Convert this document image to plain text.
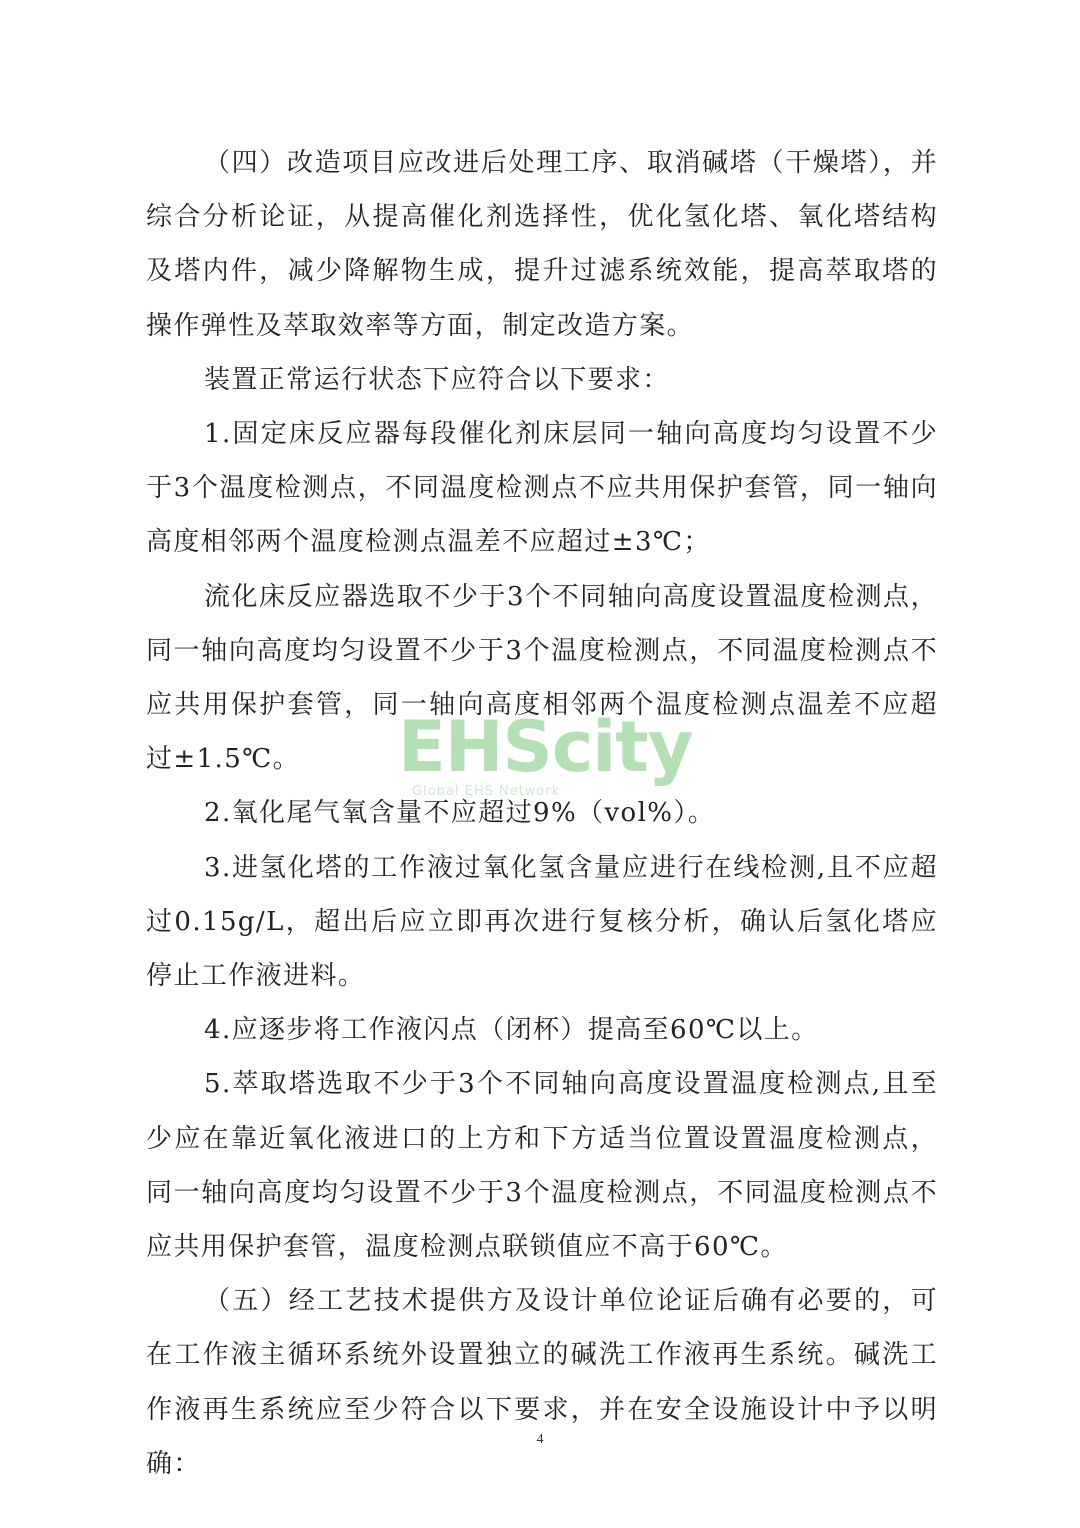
（四）改造项目应改进后处理工序、取消碱塔（干燥塔），并综合分析论证，从提高催化剂选择性，优化氢化塔、氧化塔结构及塔内件，减少降解物生成，提升过滤系统效能，提高萃取塔的操作弹性及萃取效率等方面，制定改造方案。

装置正常运行状态下应符合以下要求：

1.固定床反应器每段催化剂床层同一轴向高度均匀设置不少于3个温度检测点，不同温度检测点不应共用保护套管，同一轴向高度相邻两个温度检测点温差不应超过±3℃；

流化床反应器选取不少于3个不同轴向高度设置温度检测点，同一轴向高度均匀设置不少于3个温度检测点，不同温度检测点不应共用保护套管，同一轴向高度相邻两个温度检测点温差不应超过±1.5℃。

2.氧化尾气氧含量不应超过9%（vol%）。

3.进氢化塔的工作液过氧化氢含量应进行在线检测,且不应超过0.15g/L，超出后应立即再次进行复核分析，确认后氢化塔应停止工作液进料。

4.应逐步将工作液闪点（闭杯）提高至60℃以上。

5.萃取塔选取不少于3个不同轴向高度设置温度检测点,且至少应在靠近氧化液进口的上方和下方适当位置设置温度检测点，同一轴向高度均匀设置不少于3个温度检测点，不同温度检测点不应共用保护套管，温度检测点联锁值应不高于60℃。

（五）经工艺技术提供方及设计单位论证后确有必要的，可在工作液主循环系统外设置独立的碱洗工作液再生系统。碱洗工作液再生系统应至少符合以下要求，并在安全设施设计中予以明确：

EHScity
Global EHS Network
4
